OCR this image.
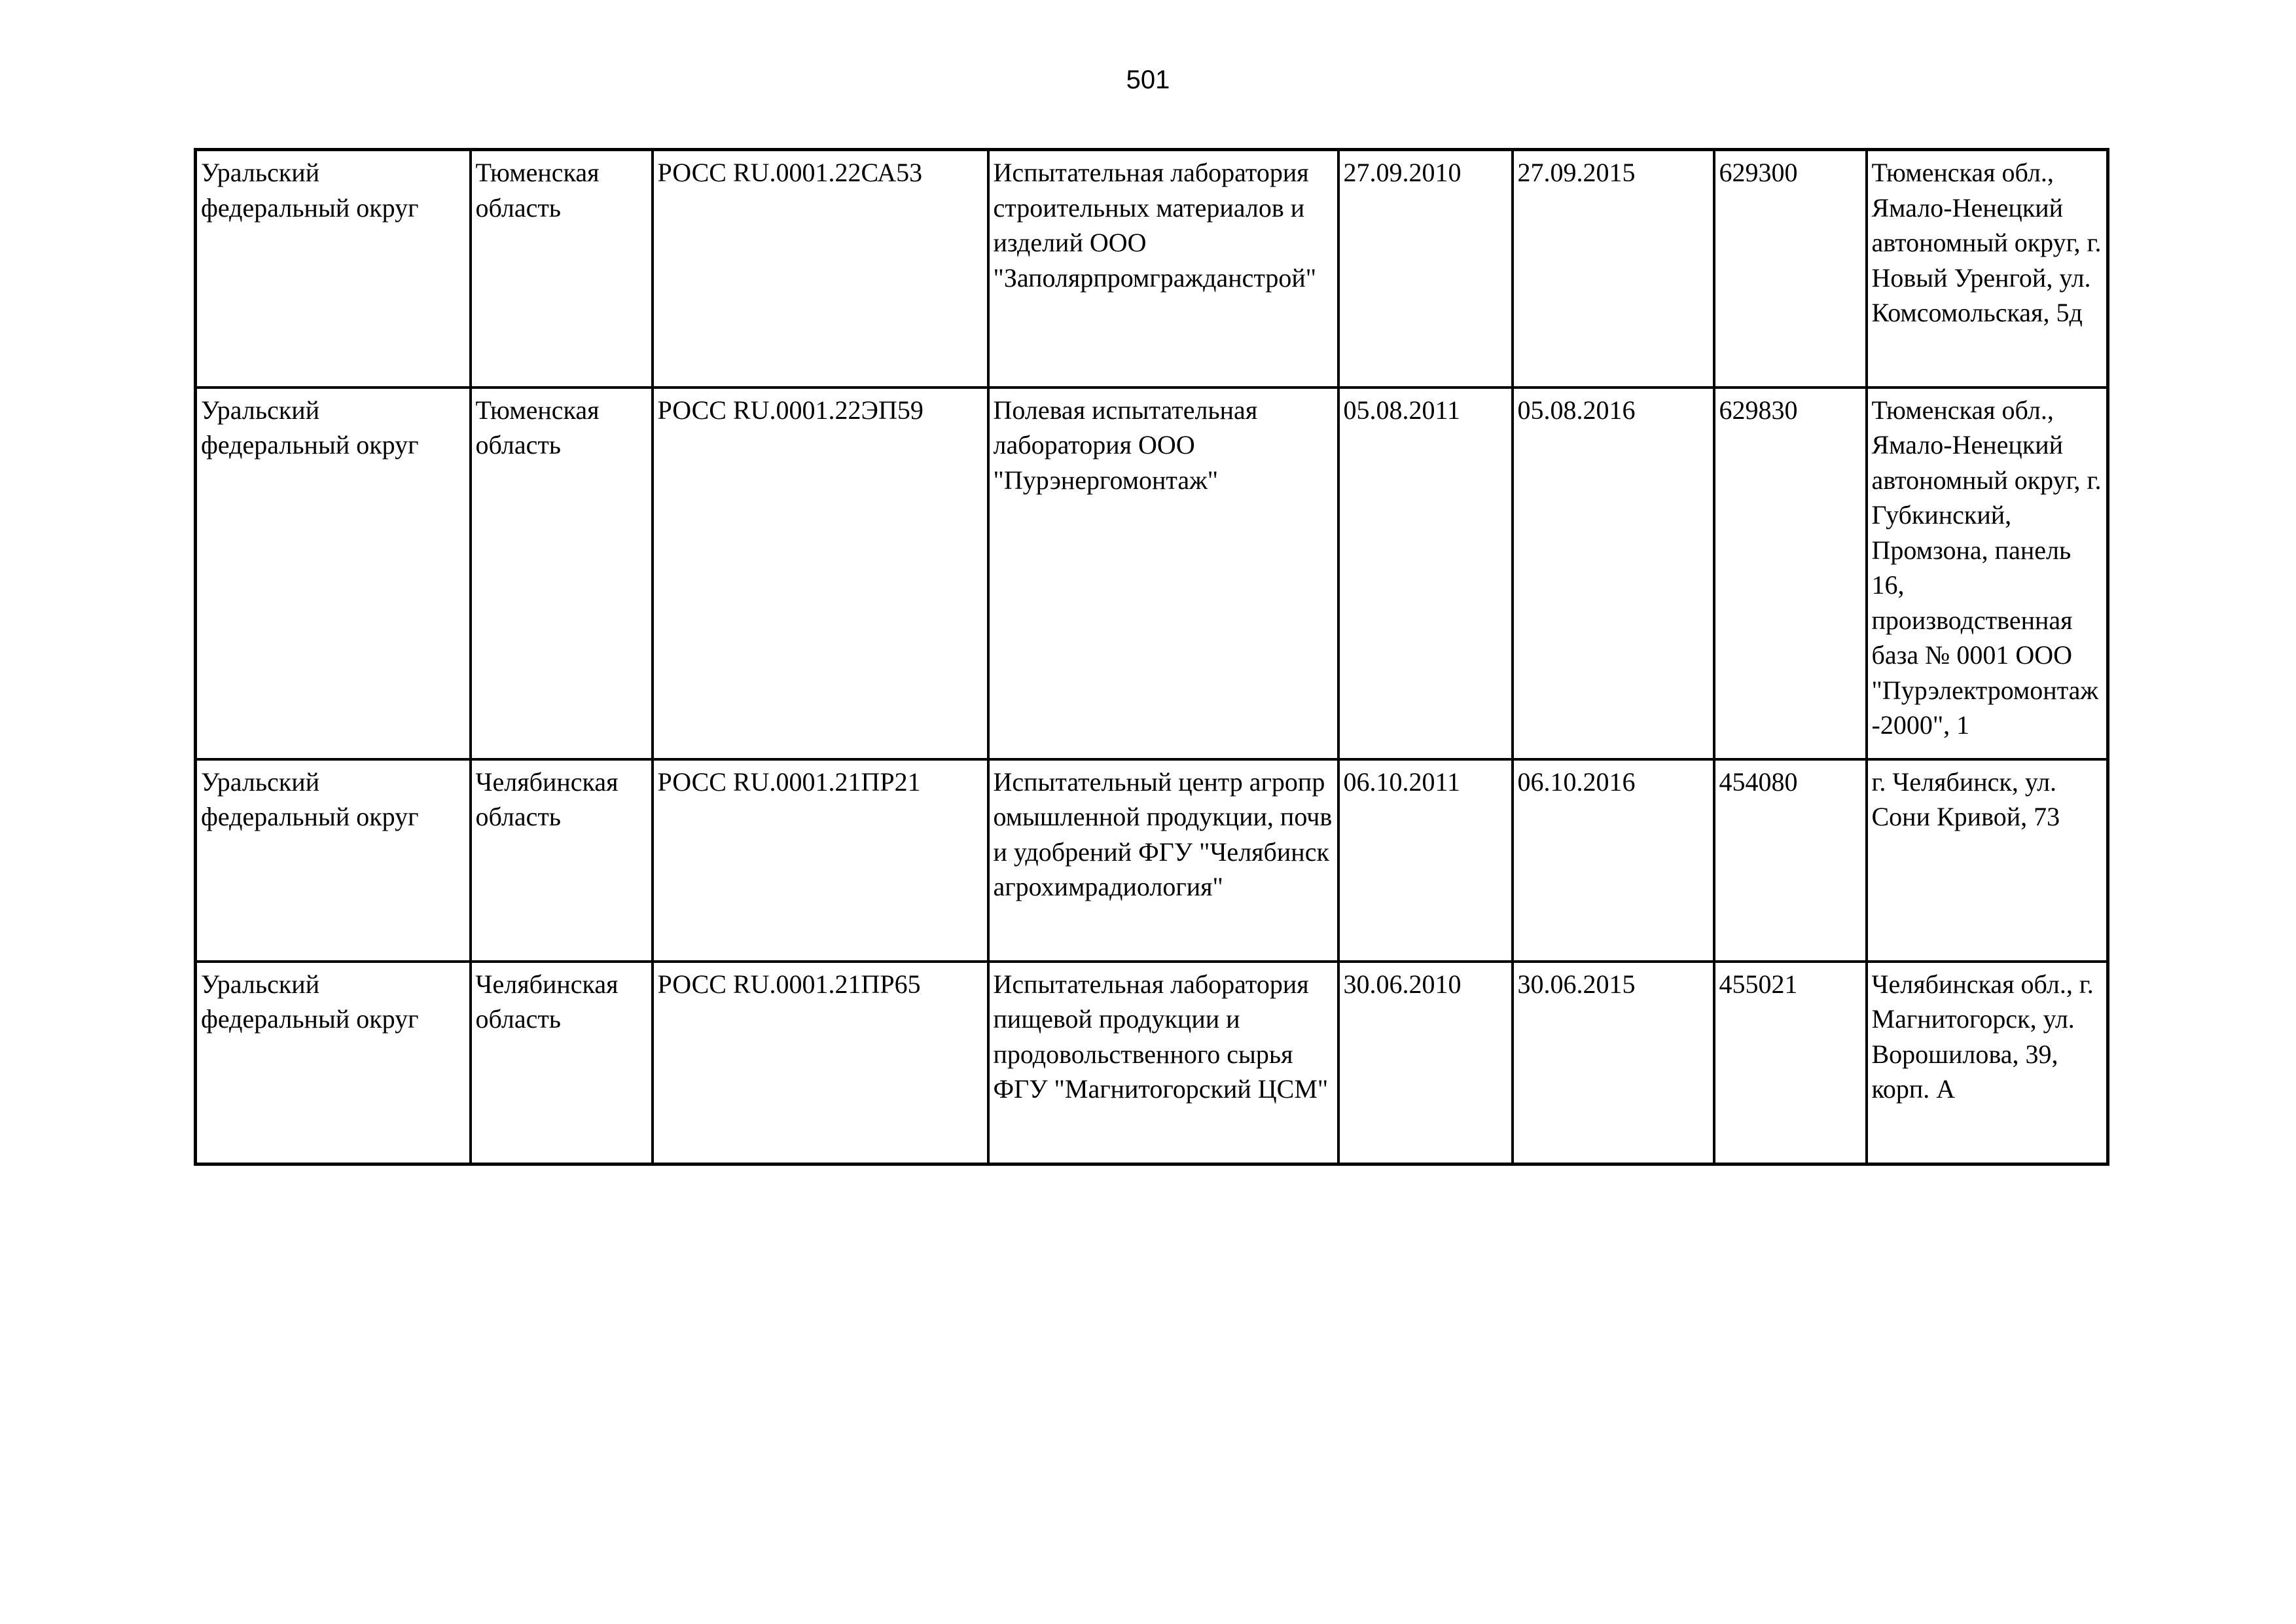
501
Уральский федеральный округ	Тюменская область	РОСС RU.0001.22СА53	Испытательная лаборатория строительных материалов и изделий ООО "Заполярпромгражданстрой"	27.09.2010	27.09.2015	629300	Тюменская обл., Ямало-Ненецкий автономный округ, г. Новый Уренгой, ул. Комсомольская, 5д
Уральский федеральный округ	Тюменская область	РОСС RU.0001.22ЭП59	Полевая испытательная лаборатория ООО "Пурэнергомонтаж"	05.08.2011	05.08.2016	629830	Тюменская обл., Ямало-Ненецкий автономный округ, г. Губкинский, Промзона, панель 16, производственная база № 0001 ООО "Пурэлектромонтаж-2000", 1
Уральский федеральный округ	Челябинская область	РОСС RU.0001.21ПР21	Испытательный центр агропромышленной продукции, почв и удобрений ФГУ "Челябинскагрохимрадиология"	06.10.2011	06.10.2016	454080	г. Челябинск, ул. Сони Кривой, 73
Уральский федеральный округ	Челябинская область	РОСС RU.0001.21ПР65	Испытательная лаборатория пищевой продукции и продовольственного сырья ФГУ "Магнитогорский ЦСМ"	30.06.2010	30.06.2015	455021	Челябинская обл., г. Магнитогорск, ул. Ворошилова, 39, корп. А
